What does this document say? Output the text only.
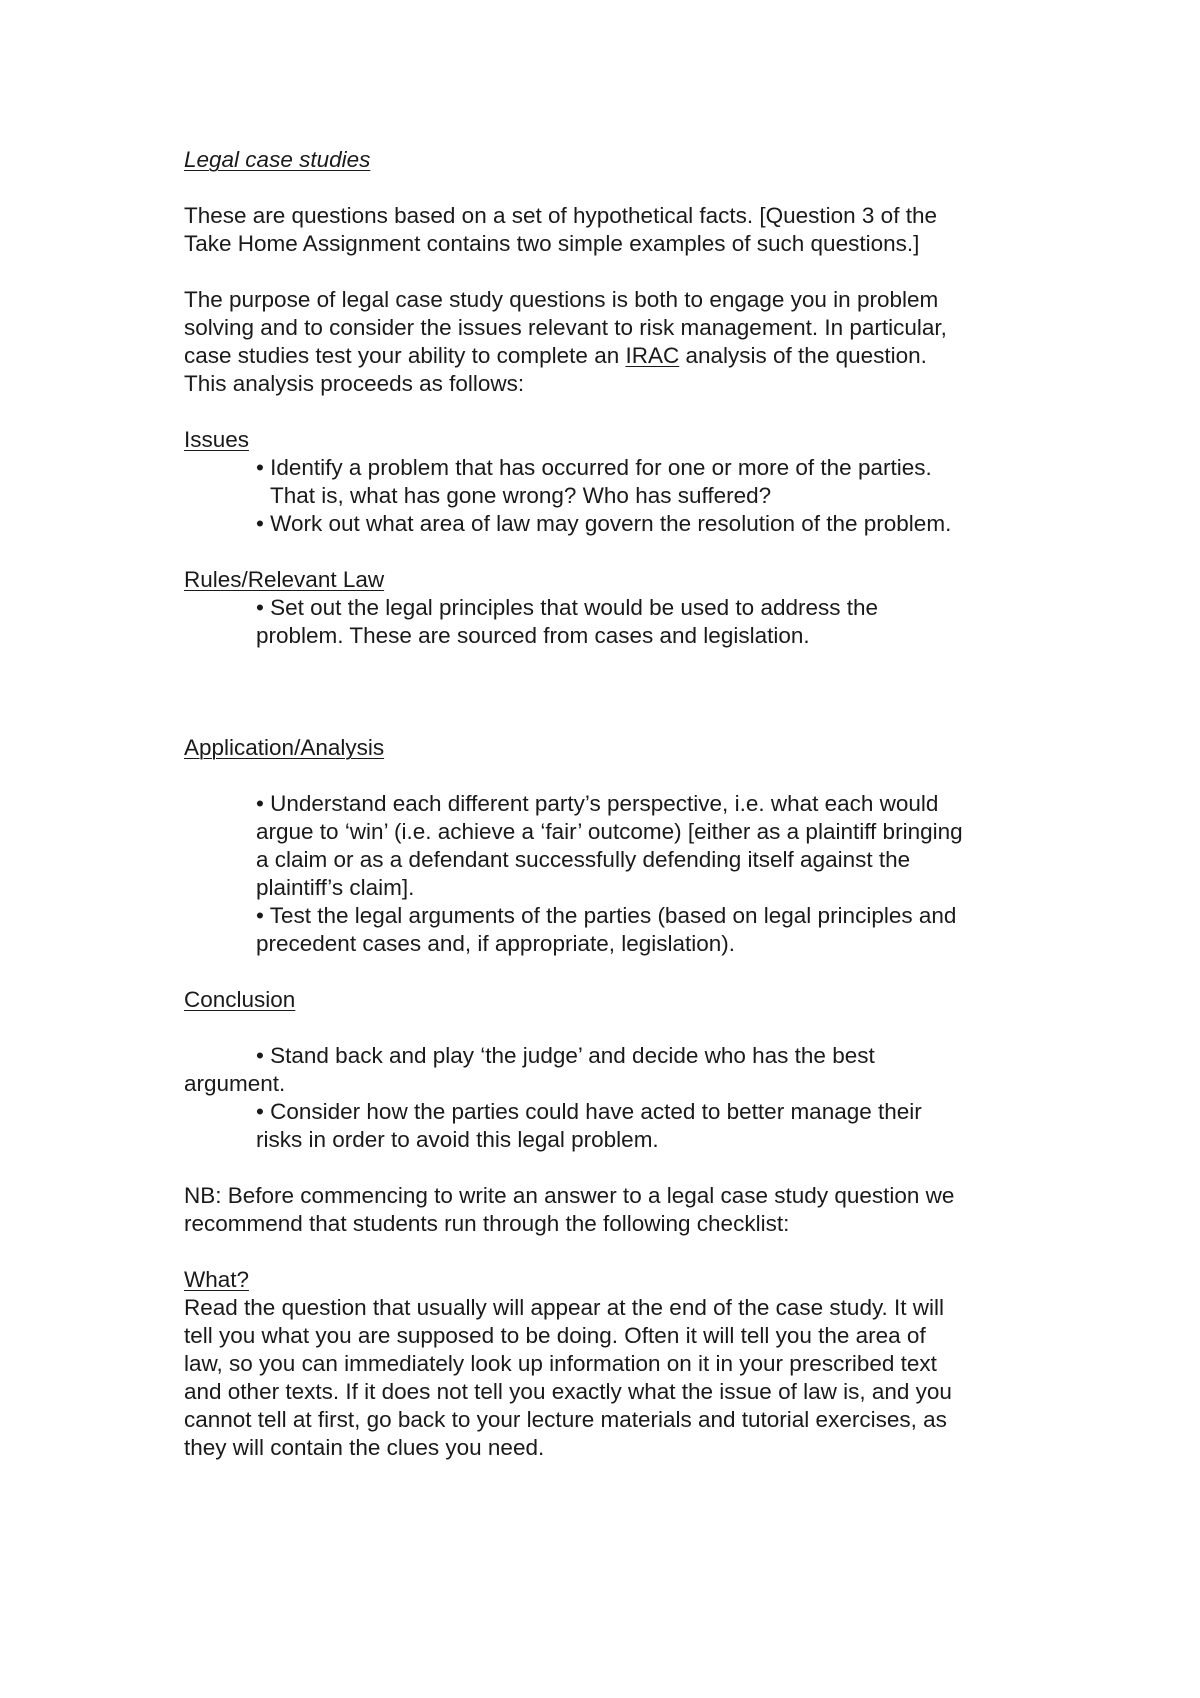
Legal case studies
These are questions based on a set of hypothetical facts. [Question 3 of the
Take Home Assignment contains two simple examples of such questions.]
The purpose of legal case study questions is both to engage you in problem
solving and to consider the issues relevant to risk management. In particular,
case studies test your ability to complete an IRAC analysis of the question.
This analysis proceeds as follows:
Issues
• Identify a problem that has occurred for one or more of the parties.
That is, what has gone wrong? Who has suffered?
• Work out what area of law may govern the resolution of the problem.
Rules/Relevant Law
• Set out the legal principles that would be used to address the
problem. These are sourced from cases and legislation.
Application/Analysis
• Understand each different party’s perspective, i.e. what each would
argue to ‘win’ (i.e. achieve a ‘fair’ outcome) [either as a plaintiff bringing
a claim or as a defendant successfully defending itself against the
plaintiff’s claim].
• Test the legal arguments of the parties (based on legal principles and
precedent cases and, if appropriate, legislation).
Conclusion
• Stand back and play ‘the judge’ and decide who has the best
argument.
• Consider how the parties could have acted to better manage their
risks in order to avoid this legal problem.
NB: Before commencing to write an answer to a legal case study question we
recommend that students run through the following checklist:
What?
Read the question that usually will appear at the end of the case study. It will
tell you what you are supposed to be doing. Often it will tell you the area of
law, so you can immediately look up information on it in your prescribed text
and other texts. If it does not tell you exactly what the issue of law is, and you
cannot tell at first, go back to your lecture materials and tutorial exercises, as
they will contain the clues you need.
